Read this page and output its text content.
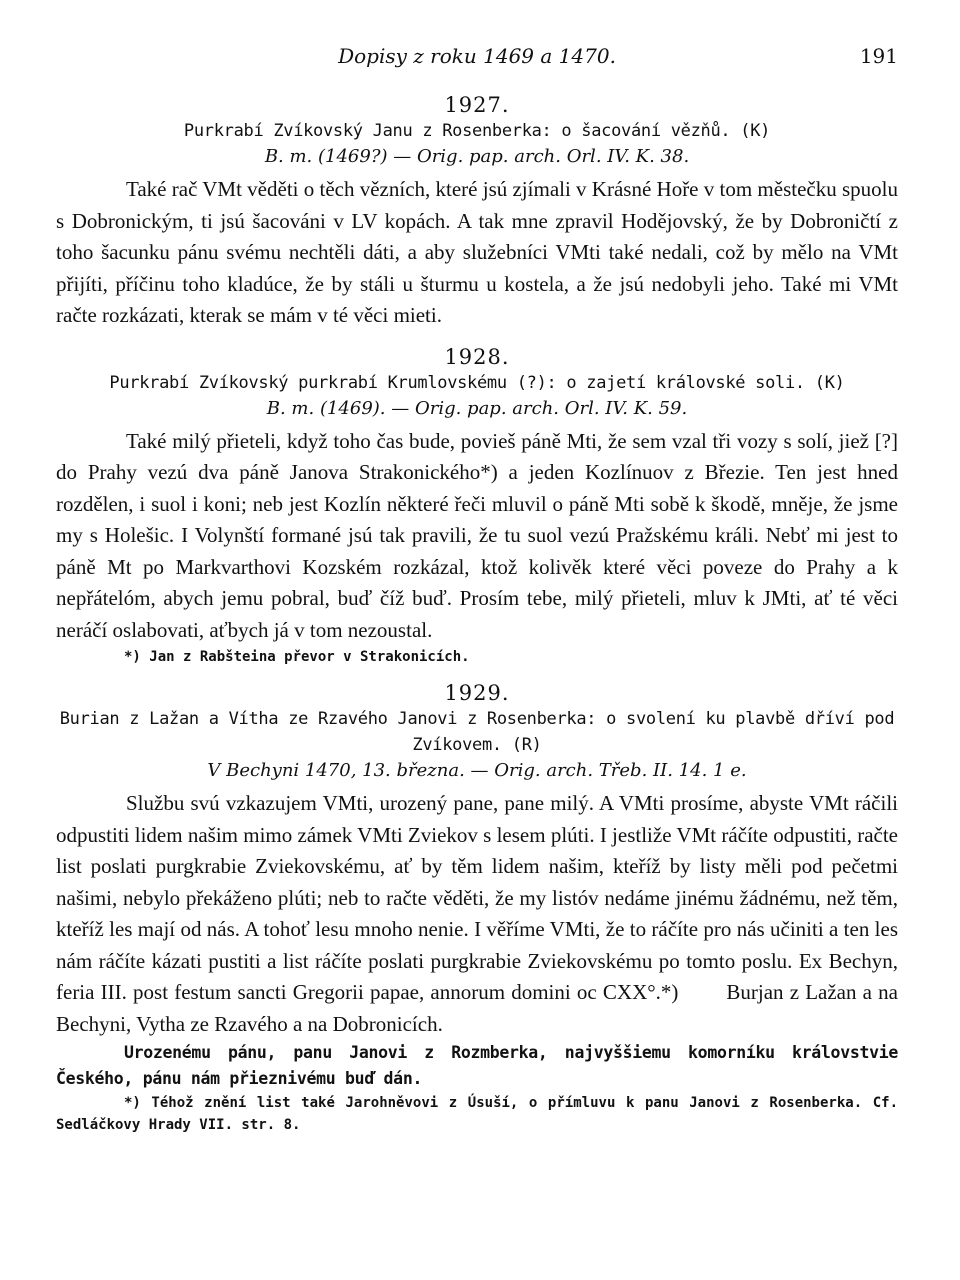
Dopisy z roku 1469 a 1470.	191
1927.
Purkrabí Zvíkovský Janu z Rosenberka: o šacování vězňů. (K)
B. m. (1469?) — Orig. pap. arch. Orl. IV. K. 38.

Také rač VMt věděti o těch vězních, které jsú zjímali v Krásné Hoře v tom městečku spuolu s Dobronickým, ti jsú šacováni v LV kopách. A tak mne zpravil Hodějovský, že by Dobroničtí z toho šacunku pánu svému nechtěli dáti, a aby služebníci VMti také nedali, což by mělo na VMt přijíti, příčinu toho kladúce, že by stáli u šturmu u kostela, a že jsú nedobyli jeho. Také mi VMt račte rozkázati, kterak se mám v té věci mieti.

1928.
Purkrabí Zvíkovský purkrabí Krumlovskému (?): o zajetí královské soli. (K)
B. m. (1469). — Orig. pap. arch. Orl. IV. K. 59.

Také milý přieteli, když toho čas bude, povieš páně Mti, že sem vzal tři vozy s solí, jiež [?] do Prahy vezú dva páně Janova Strakonického*) a jeden Kozlínuov z Březie. Ten jest hned rozdělen, i suol i koni; neb jest Kozlín některé řeči mluvil o páně Mti sobě k škodě, mněje, že jsme my s Holešic. I Volynští formané jsú tak pravili, že tu suol vezú Pražskému králi. Nebť mi jest to páně Mt po Markvarthovi Kozském rozkázal, ktož kolivěk které věci poveze do Prahy a k nepřátelóm, abych jemu pobral, buď číž buď. Prosím tebe, milý přieteli, mluv k JMti, ať té věci neráčí oslabovati, aťbych já v tom nezoustal.

*) Jan z Rabšteina převor v Strakonicích.

1929.
Burian z Lažan a Vítha ze Rzavého Janovi z Rosenberka: o svolení ku plavbě dříví pod Zvíkovem. (R)
V Bechyni 1470, 13. března. — Orig. arch. Třeb. II. 14. 1 e.

Službu svú vzkazujem VMti, urozený pane, pane milý. A VMti prosíme, abyste VMt ráčili odpustiti lidem našim mimo zámek VMti Zviekov s lesem plúti. I jestliže VMt ráčíte odpustiti, račte list poslati purgkrabie Zviekovskému, ať by těm lidem našim, kteříž by listy měli pod pečetmi našimi, nebylo překáženo plúti; neb to račte věděti, že my listóv nedáme jinému žádnému, než těm, kteříž les mají od nás. A tohoť lesu mnoho nenie. I věříme VMti, že to ráčíte pro nás učiniti a ten les nám ráčíte kázati pustiti a list ráčíte poslati purgkrabie Zviekovskému po tomto poslu. Ex Bechyn, feria III. post festum sancti Gregorii papae, annorum domini oc CXX°.*) Burjan z Lažan a na Bechyni, Vytha ze Rzavého a na Dobronicích.

Urozenému pánu, panu Janovi z Rozmberka, najvyššiemu komorníku královstvie Českého, pánu nám přieznivému buď dán.

*) Téhož znění list také Jarohněvovi z Úsuší, o přímluvu k panu Janovi z Rosenberka. Cf. Sedláčkovy Hrady VII. str. 8.
